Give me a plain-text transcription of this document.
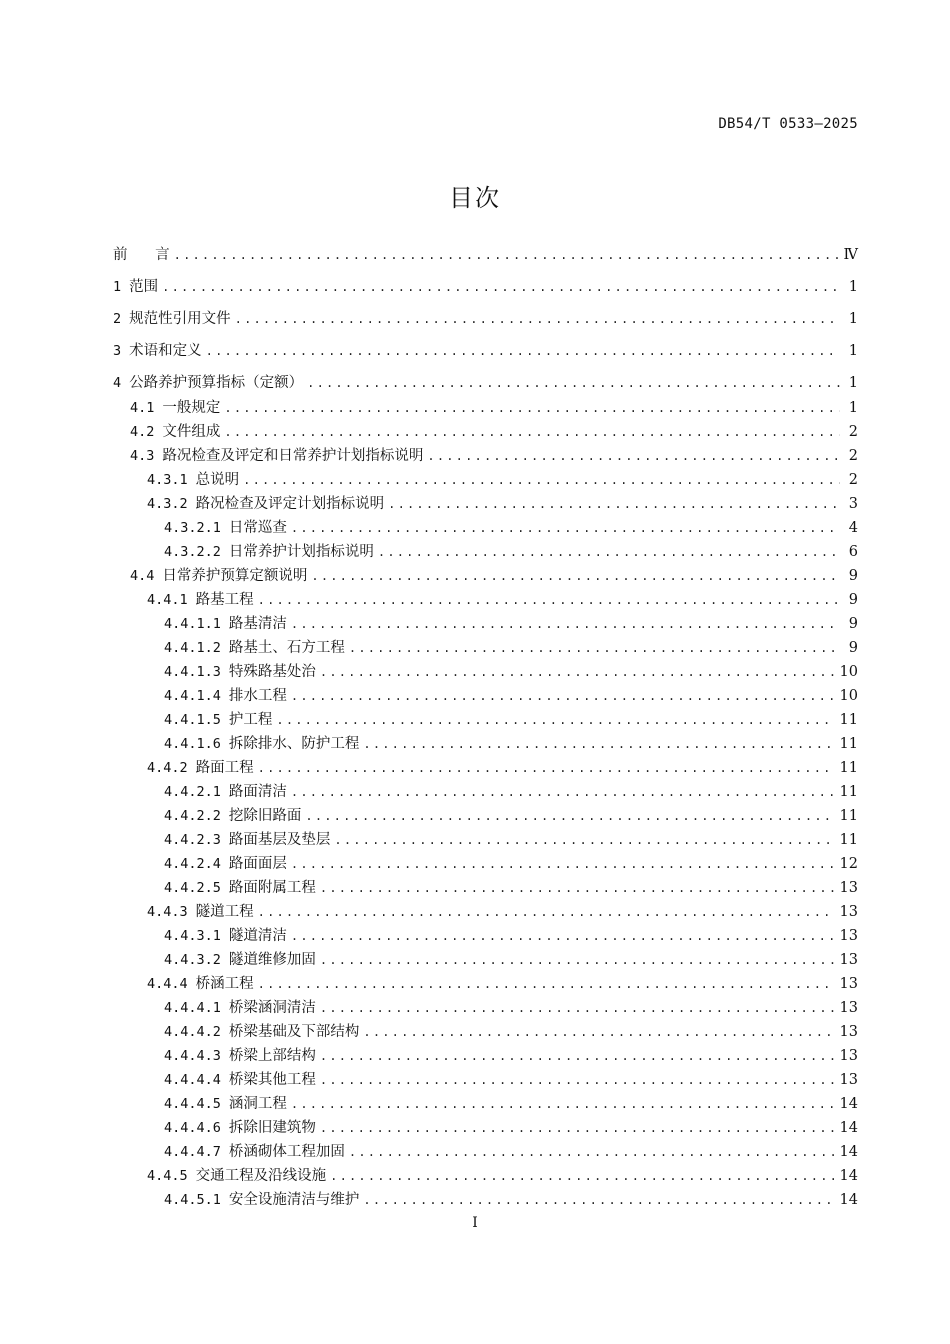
DB54/T 0533—2025
目次
前      言 .....	Ⅳ
1 范围 .....	1
2 规范性引用文件 .....	1
3 术语和定义 .....	1
4 公路养护预算指标（定额） .....	1
4.1 一般规定 .....	1
4.2 文件组成 .....	2
4.3 路况检查及评定和日常养护计划指标说明 .....	2
4.3.1 总说明 .....	2
4.3.2 路况检查及评定计划指标说明 .....	3
4.3.2.1 日常巡查 .....	4
4.3.2.2 日常养护计划指标说明 .....	6
4.4 日常养护预算定额说明 .....	9
4.4.1 路基工程 .....	9
4.4.1.1 路基清洁 .....	9
4.4.1.2 路基土、石方工程 .....	9
4.4.1.3 特殊路基处治 .....	10
4.4.1.4 排水工程 .....	10
4.4.1.5 护工程 .....	11
4.4.1.6 拆除排水、防护工程 .....	11
4.4.2 路面工程 .....	11
4.4.2.1 路面清洁 .....	11
4.4.2.2 挖除旧路面 .....	11
4.4.2.3 路面基层及垫层 .....	11
4.4.2.4 路面面层 .....	12
4.4.2.5 路面附属工程 .....	13
4.4.3 隧道工程 .....	13
4.4.3.1 隧道清洁 .....	13
4.4.3.2 隧道维修加固 .....	13
4.4.4 桥涵工程 .....	13
4.4.4.1 桥梁涵洞清洁 .....	13
4.4.4.2 桥梁基础及下部结构 .....	13
4.4.4.3 桥梁上部结构 .....	13
4.4.4.4 桥梁其他工程 .....	13
4.4.4.5 涵洞工程 .....	14
4.4.4.6 拆除旧建筑物 .....	14
4.4.4.7 桥涵砌体工程加固 .....	14
4.4.5 交通工程及沿线设施 .....	14
4.4.5.1 安全设施清洁与维护 .....	14
I
